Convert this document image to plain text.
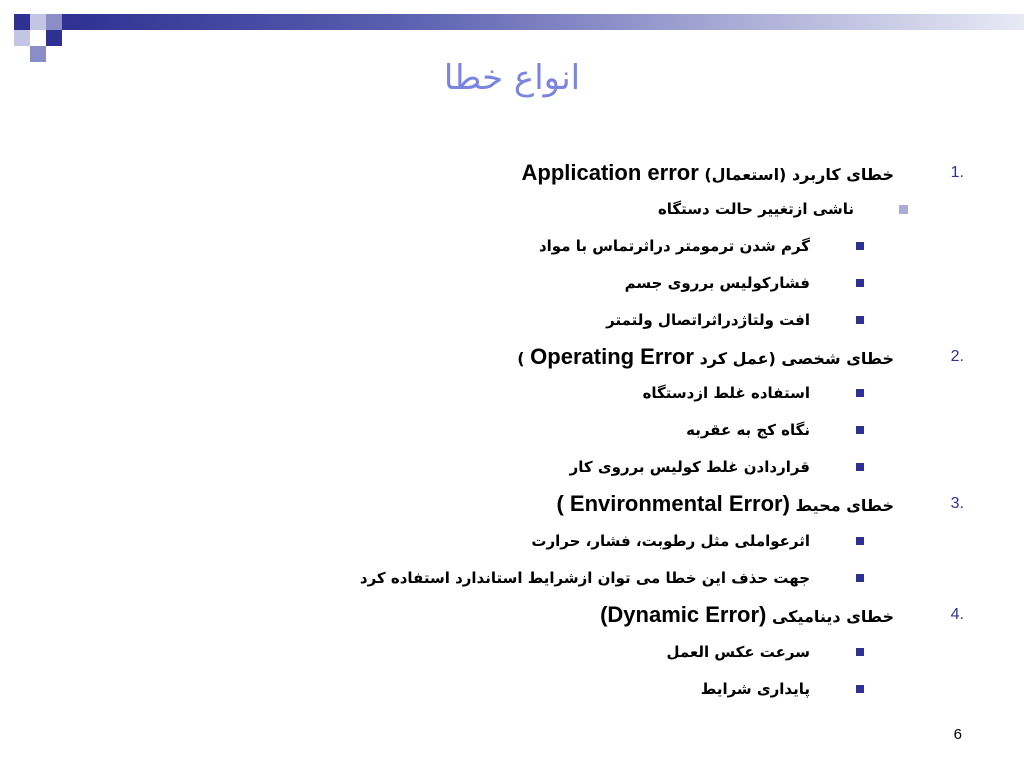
انواع خطا
1.
خطای کاربرد (استعمال) Application error
ناشی ازتغییر حالت دستگاه
گرم شدن ترمومتر دراثرتماس با مواد
فشارکولیس برروی جسم
افت ولتاژدراثراتصال ولتمتر
2.
خطای شخصی (عمل کرد Operating Error )
استفاده غلط ازدستگاه
نگاه کج به عقربه
قراردادن غلط کولیس برروی کار
3.
خطای محیط (Environmental Error )
اثرعواملی مثل رطوبت، فشار، حرارت
جهت حذف این خطا می توان ازشرایط استاندارد استفاده کرد
4.
خطای دینامیکی (Dynamic Error)
سرعت عکس العمل
پایداری شرایط
6
